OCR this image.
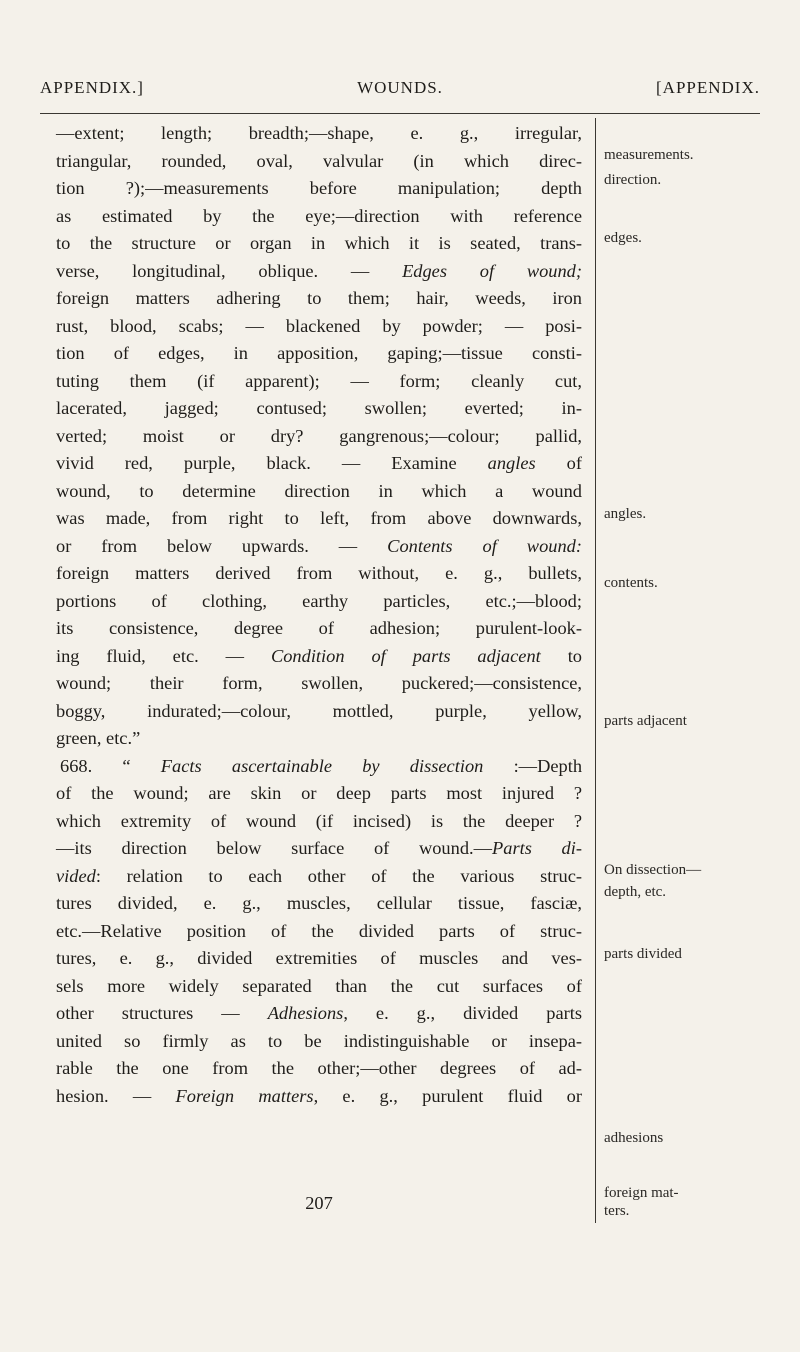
APPENDIX.]	WOUNDS.	[APPENDIX.
—extent; length; breadth;—shape, e. g., irregular,
triangular, rounded, oval, valvular (in which direc-
tion ?);—measurements before manipulation; depth
as estimated by the eye;—direction with reference
to the structure or organ in which it is seated, trans-
verse, longitudinal, oblique. — Edges of wound;
foreign matters adhering to them; hair, weeds, iron
rust, blood, scabs; — blackened by powder; — posi-
tion of edges, in apposition, gaping;—tissue consti-
tuting them (if apparent); — form; cleanly cut,
lacerated, jagged; contused; swollen; everted; in-
verted; moist or dry? gangrenous;—colour; pallid,
vivid red, purple, black. — Examine angles of
wound, to determine direction in which a wound
was made, from right to left, from above downwards,
or from below upwards. — Contents of wound:
foreign matters derived from without, e. g., bullets,
portions of clothing, earthy particles, etc.;—blood;
its consistence, degree of adhesion; purulent-look-
ing fluid, etc. — Condition of parts adjacent to
wound; their form, swollen, puckered;—consistence,
boggy, indurated;—colour, mottled, purple, yellow,
green, etc.”
668. “ Facts ascertainable by dissection :—Depth
of the wound; are skin or deep parts most injured ?
which extremity of wound (if incised) is the deeper ?
—its direction below surface of wound.—Parts di-
vided: relation to each other of the various struc-
tures divided, e. g., muscles, cellular tissue, fasciæ,
etc.—Relative position of the divided parts of struc-
tures, e. g., divided extremities of muscles and ves-
sels more widely separated than the cut surfaces of
other structures — Adhesions, e. g., divided parts
united so firmly as to be indistinguishable or insepa-
rable the one from the other;—other degrees of ad-
hesion. — Foreign matters, e. g., purulent fluid or
measurements.
direction.
edges.
angles.
contents.
parts adjacent
On dissection—
depth, etc.
parts divided
adhesions
foreign mat-
ters.
207
